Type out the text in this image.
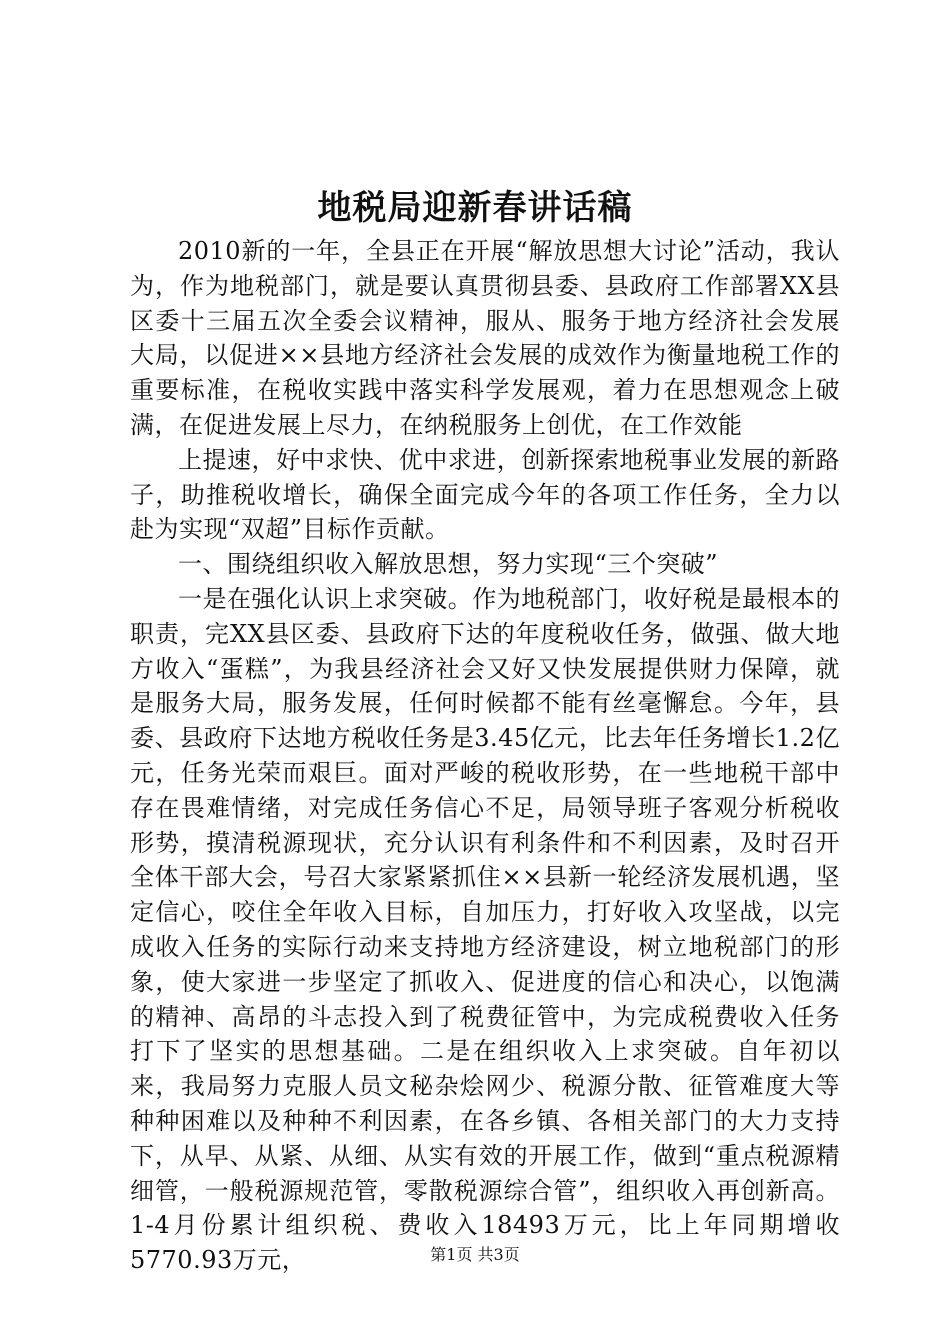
地税局迎新春讲话稿

2010新的一年，全县正在开展“解放思想大讨论”活动，我认为，作为地税部门，就是要认真贯彻县委、县政府工作部署XX县区委十三届五次全委会议精神，服从、服务于地方经济社会发展大局，以促进××县地方经济社会发展的成效作为衡量地税工作的重要标准，在税收实践中落实科学发展观，着力在思想观念上破满，在促进发展上尽力，在纳税服务上创优，在工作效能

上提速，好中求快、优中求进，创新探索地税事业发展的新路子，助推税收增长，确保全面完成今年的各项工作任务，全力以赴为实现“双超”目标作贡献。

一、围绕组织收入解放思想，努力实现“三个突破”

一是在强化认识上求突破。作为地税部门，收好税是最根本的职责，完XX县区委、县政府下达的年度税收任务，做强、做大地方收入“蛋糕”，为我县经济社会又好又快发展提供财力保障，就是服务大局，服务发展，任何时候都不能有丝毫懈怠。今年，县委、县政府下达地方税收任务是3.45亿元，比去年任务增长1.2亿元，任务光荣而艰巨。面对严峻的税收形势，在一些地税干部中存在畏难情绪，对完成任务信心不足，局领导班子客观分析税收形势，摸清税源现状，充分认识有利条件和不利因素，及时召开全体干部大会，号召大家紧紧抓住××县新一轮经济发展机遇，坚定信心，咬住全年收入目标，自加压力，打好收入攻坚战，以完成收入任务的实际行动来支持地方经济建设，树立地税部门的形象，使大家进一步坚定了抓收入、促进度的信心和决心，以饱满的精神、高昂的斗志投入到了税费征管中，为完成税费收入任务打下了坚实的思想基础。二是在组织收入上求突破。自年初以来，我局努力克服人员文秘杂烩网少、税源分散、征管难度大等种种困难以及种种不利因素，在各乡镇、各相关部门的大力支持下，从早、从紧、从细、从实有效的开展工作，做到“重点税源精细管，一般税源规范管，零散税源综合管”，组织收入再创新高。1-4月份累计组织税、费收入18493万元，比上年同期增收5770.93万元，	第1页 共3页
